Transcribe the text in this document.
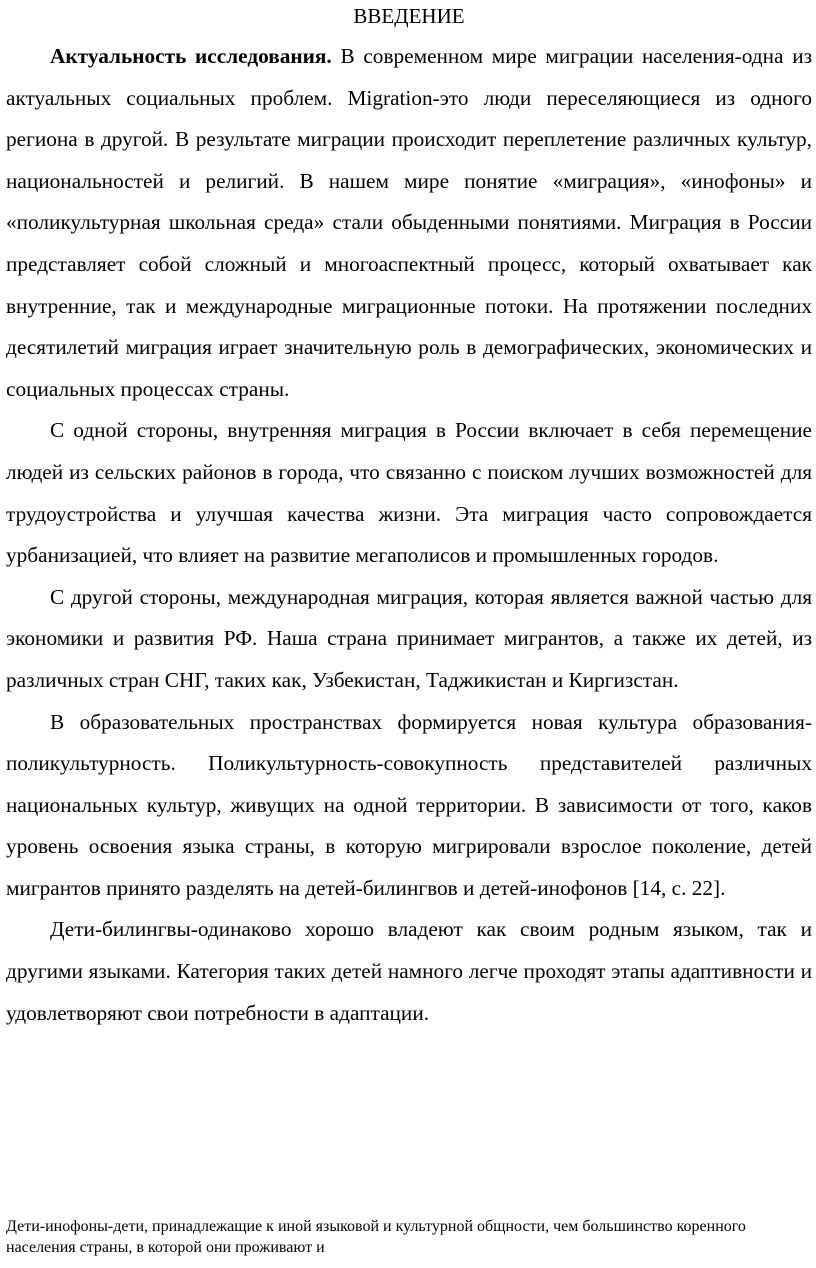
ВВЕДЕНИЕ

Актуальность исследования. В современном мире миграции населения-одна из актуальных социальных проблем. Migration-это люди переселяющиеся из одного региона в другой. В результате миграции происходит переплетение различных культур, национальностей и религий. В нашем мире понятие «миграция», «инофоны» и «поликультурная школьная среда» стали обыденными понятиями. Миграция в России представляет собой сложный и многоаспектный процесс, который охватывает как внутренние, так и международные миграционные потоки. На протяжении последних десятилетий миграция играет значительную роль в демографических, экономических и социальных процессах страны.

С одной стороны, внутренняя миграция в России включает в себя перемещение людей из сельских районов в города, что связанно с поиском лучших возможностей для трудоустройства и улучшая качества жизни. Эта миграция часто сопровождается урбанизацией, что влияет на развитие мегаполисов и промышленных городов.

С другой стороны, международная миграция, которая является важной частью для экономики и развития РФ. Наша страна принимает мигрантов, а также их детей, из различных стран СНГ, таких как, Узбекистан, Таджикистан и Киргизстан.

В образовательных пространствах формируется новая культура образования-поликультурность. Поликультурность-совокупность представителей различных национальных культур, живущих на одной территории. В зависимости от того, каков уровень освоения языка страны, в которую мигрировали взрослое поколение, детей мигрантов принято разделять на детей-билингвов и детей-инофонов [14, с. 22].

Дети-билингвы-одинаково хорошо владеют как своим родным языком, так и другими языками. Категория таких детей намного легче проходят этапы адаптивности и удовлетворяют свои потребности в адаптации.

Дети-инофоны-дети, принадлежащие к иной языковой и культурной общности, чем большинство коренного населения страны, в которой они проживают и
